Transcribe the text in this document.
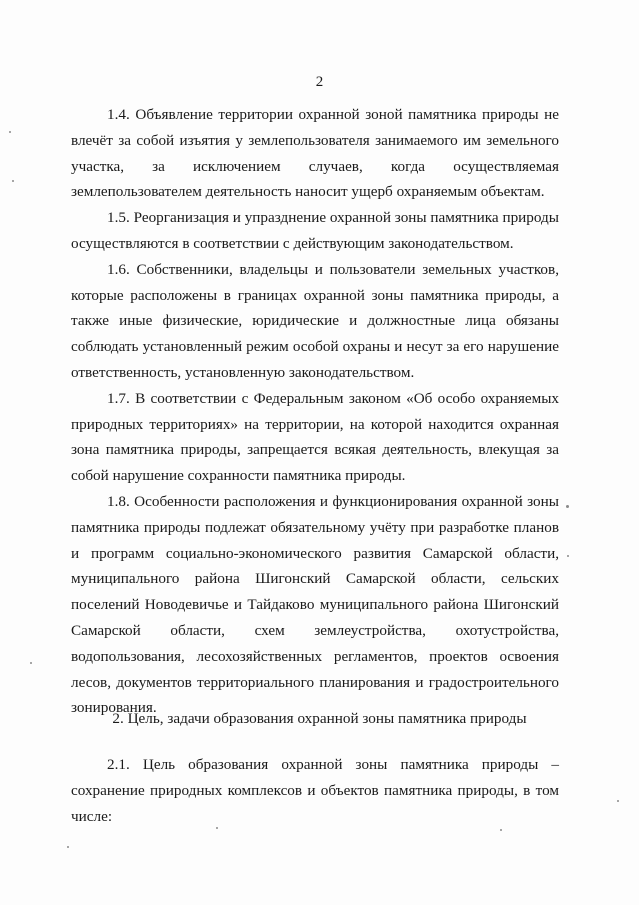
2

1.4. Объявление территории охранной зоной памятника природы не влечёт за собой изъятия у землепользователя занимаемого им земельного участка, за исключением случаев, когда осуществляемая землепользователем деятельность наносит ущерб охраняемым объектам.

1.5. Реорганизация и упразднение охранной зоны памятника природы осуществляются в соответствии с действующим законодательством.

1.6. Собственники, владельцы и пользователи земельных участков, которые расположены в границах охранной зоны памятника природы, а также иные физические, юридические и должностные лица обязаны соблюдать установленный режим особой охраны и несут за его нарушение ответственность, установленную законодательством.

1.7. В соответствии с Федеральным законом «Об особо охраняемых природных территориях» на территории, на которой находится охранная зона памятника природы, запрещается всякая деятельность, влекущая за собой нарушение сохранности памятника природы.

1.8. Особенности расположения и функционирования охранной зоны памятника природы подлежат обязательному учёту при разработке планов и программ социально-экономического развития Самарской области, муниципального района Шигонский Самарской области, сельских поселений Новодевичье и Тайдаково муниципального района Шигонский Самарской области, схем землеустройства, охотустройства, водопользования, лесохозяйственных регламентов, проектов освоения лесов, документов территориального планирования и градостроительного зонирования.

2. Цель, задачи образования охранной зоны памятника природы

2.1. Цель образования охранной зоны памятника природы – сохранение природных комплексов и объектов памятника природы, в том числе:
